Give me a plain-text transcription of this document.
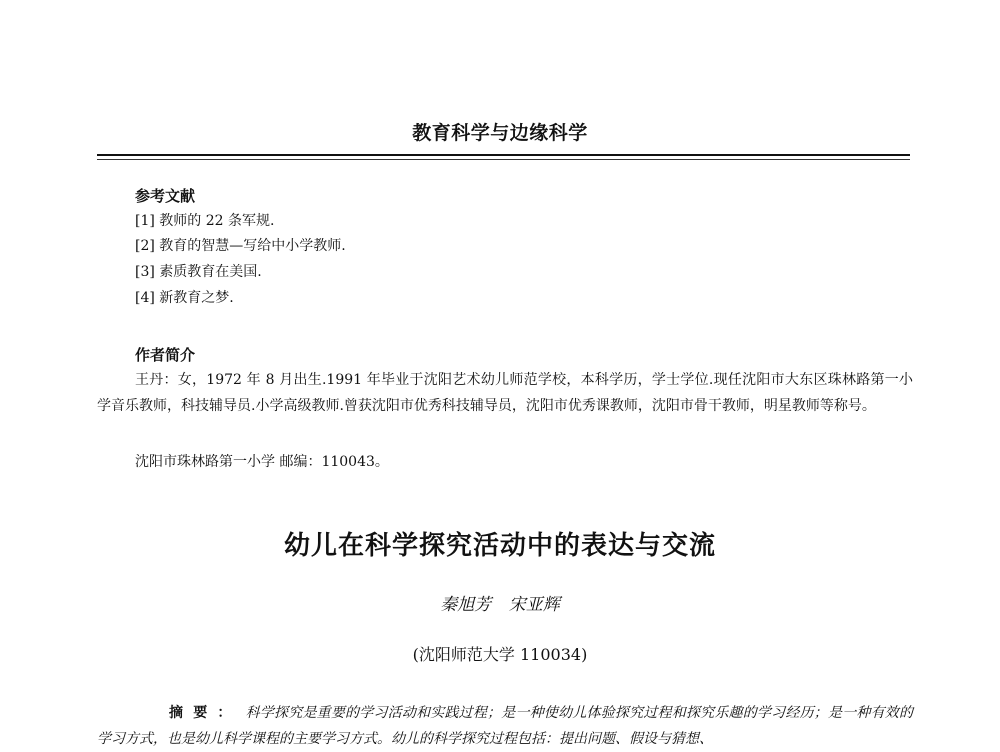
教育科学与边缘科学
参考文献
[1] 教师的 22 条军规.
[2] 教育的智慧—写给中小学教师.
[3] 素质教育在美国.
[4] 新教育之梦.
作者简介
王丹：女，1972 年 8 月出生.1991 年毕业于沈阳艺术幼儿师范学校，本科学历，学士学位.现任沈阳市大东区珠林路第一小学音乐教师，科技辅导员.小学高级教师.曾获沈阳市优秀科技辅导员，沈阳市优秀课教师，沈阳市骨干教师，明星教师等称号。
沈阳市珠林路第一小学 邮编：110043。
幼儿在科学探究活动中的表达与交流
秦旭芳 宋亚辉
(沈阳师范大学 110034)
摘要： 科学探究是重要的学习活动和实践过程；是一种使幼儿体验探究过程和探究乐趣的学习经历；是一种有效的学习方式，也是幼儿科学课程的主要学习方式。幼儿的科学探究过程包括：提出问题、假设与猜想、
